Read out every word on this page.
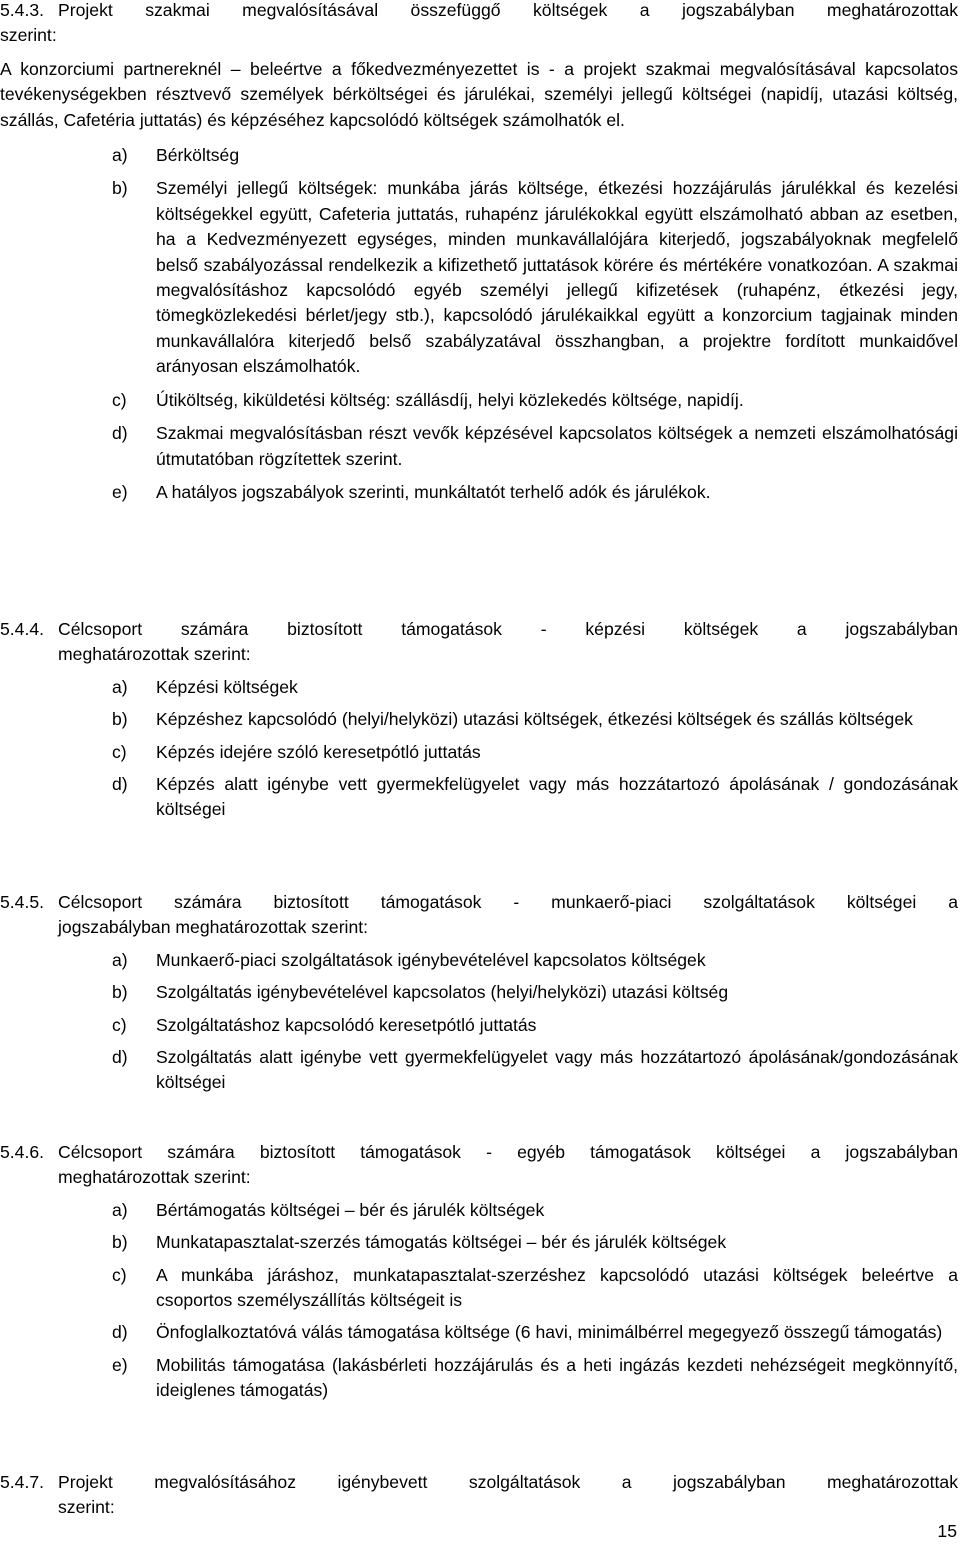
5.4.3. Projekt szakmai megvalósításával összefüggő költségek a jogszabályban meghatározottak
szerint:

A konzorciumi partnereknél – beleértve a főkedvezményezettet is - a projekt szakmai megvalósításával kapcsolatos tevékenységekben résztvevő személyek bérköltségei és járulékai, személyi jellegű költségei (napidíj, utazási költség, szállás, Cafetéria juttatás) és képzéséhez kapcsolódó költségek számolhatók el.

a)	Bérköltség
b)	Személyi jellegű költségek: munkába járás költsége, étkezési hozzájárulás járulékkal és kezelési költségekkel együtt, Cafeteria juttatás, ruhapénz járulékokkal együtt elszámolható abban az esetben, ha a Kedvezményezett egységes, minden munkavállalójára kiterjedő, jogszabályoknak megfelelő belső szabályozással rendelkezik a kifizethető juttatások körére és mértékére vonatkozóan. A szakmai megvalósításhoz kapcsolódó egyéb személyi jellegű kifizetések (ruhapénz, étkezési jegy, tömegközlekedési bérlet/jegy stb.), kapcsolódó járulékaikkal együtt a konzorcium tagjainak minden munkavállalóra kiterjedő belső szabályzatával összhangban, a projektre fordított munkaidővel arányosan elszámolhatók.
c)	Útiköltség, kiküldetési költség: szállásdíj, helyi közlekedés költsége, napidíj.
d)	Szakmai megvalósításban részt vevők képzésével kapcsolatos költségek a nemzeti elszámolhatósági útmutatóban rögzítettek szerint.
e)	A hatályos jogszabályok szerinti, munkáltatót terhelő adók és járulékok.
5.4.4. Célcsoport számára biztosított támogatások - képzési költségek a jogszabályban
meghatározottak szerint:
a)	Képzési költségek
b)	Képzéshez kapcsolódó (helyi/helyközi) utazási költségek, étkezési költségek és szállás költségek
c)	Képzés idejére szóló keresetpótló juttatás
d)	Képzés alatt igénybe vett gyermekfelügyelet vagy más hozzátartozó ápolásának / gondozásának költségei
5.4.5. Célcsoport számára biztosított támogatások - munkaerő-piaci szolgáltatások költségei a
jogszabályban meghatározottak szerint:
a)	Munkaerő-piaci szolgáltatások igénybevételével kapcsolatos költségek
b)	Szolgáltatás igénybevételével kapcsolatos (helyi/helyközi) utazási költség
c)	Szolgáltatáshoz kapcsolódó keresetpótló juttatás
d)	Szolgáltatás alatt igénybe vett gyermekfelügyelet vagy más hozzátartozó ápolásának/gondozásának költségei
5.4.6. Célcsoport számára biztosított támogatások - egyéb támogatások költségei a jogszabályban
meghatározottak szerint:
a)	Bértámogatás költségei – bér és járulék költségek
b)	Munkatapasztalat-szerzés támogatás költségei – bér és járulék költségek
c)	A munkába járáshoz, munkatapasztalat-szerzéshez kapcsolódó utazási költségek beleértve a csoportos személyszállítás költségeit is
d)	Önfoglalkoztatóvá válás támogatása költsége (6 havi, minimálbérrel megegyező összegű támogatás)
e)	Mobilitás támogatása (lakásbérleti hozzájárulás és a heti ingázás kezdeti nehézségeit megkönnyítő, ideiglenes támogatás)
5.4.7. Projekt megvalósításához igénybevett szolgáltatások a jogszabályban meghatározottak
szerint:
15
